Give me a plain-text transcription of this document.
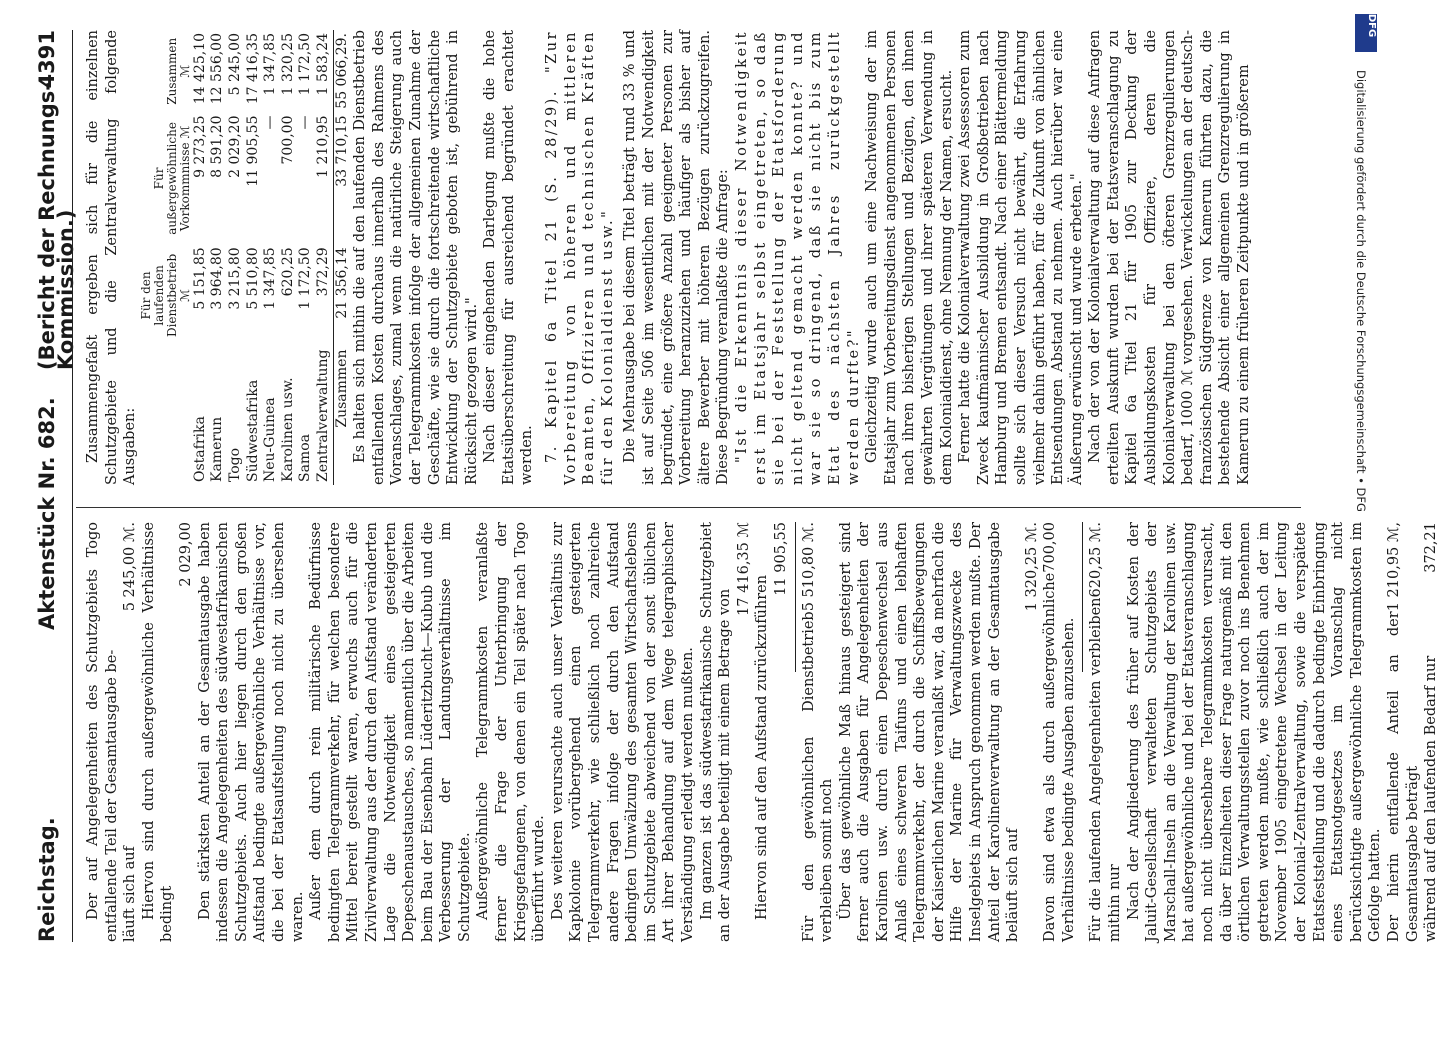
Reichstag.
Aktenstück Nr. 682.
(Bericht der Rechnungs-Kommission.)
4391

Der auf Angelegenheiten des Schutzgebiets Togo entfallende Teil der Gesamtausgabe be- läuft sich auf
5 245,00 ℳ. Hiervon sind durch außergewöhnliche Verhältnisse bedingt

2 029,00 Den stärksten Anteil an der Gesamtausgabe haben indessen die Angelegenheiten des südwestafrikanischen Schutzgebiets. Auch hier liegen durch den großen Aufstand bedingte außergewöhnliche Verhältnisse vor, die bei der Etatsaufstellung noch nicht zu übersehen waren. Außer dem durch rein militärische Bedürfnisse bedingten Telegrammverkehr, für welchen besondere Mittel bereit gestellt waren, erwuchs auch für die Zivilverwaltung aus der durch den Aufstand veränderten Lage die Notwendigkeit eines gesteigerten Depeschenaustausches, so namentlich über die Arbeiten beim Bau der Eisenbahn Lüderitzbucht—Kubub und die Verbesserung der Landungsverhältnisse im Schutzgebiete. Außergewöhnliche Telegrammkosten veranlaßte ferner die Frage der Unterbringung der Kriegsgefangenen, von denen ein Teil später nach Togo überführt wurde. Des weiteren verursachte auch unser Verhältnis zur Kapkolonie vorübergehend einen gesteigerten Telegrammverkehr, wie schließlich noch zahlreiche andere Fragen infolge der durch den Aufstand bedingten Umwälzung des gesamten Wirtschaftslebens im Schutzgebiete abweichend von der sonst üblichen Art ihrer Behandlung auf dem Wege telegraphischer Verständigung erledigt werden mußten. Im ganzen ist das südwestafrikanische Schutzgebiet an der Ausgabe beteiligt mit einem Betrage von

17 416,35 ℳ

Hiervon sind auf den Aufstand zurückzuführen

11 905,55
Für den gewöhnlichen Dienstbetrieb verbleiben somit noch
5 510,80 ℳ.	Über das gewöhnliche Maß hinaus gesteigert sind ferner auch die Ausgaben für Angelegenheiten der Karolinen usw. durch einen Depeschenwechsel aus Anlaß eines schweren Taifuns und einen lebhaften Telegrammverkehr, der durch die Schiffsbewegungen der Kaiserlichen Marine veranlaßt war, da mehrfach die Hilfe der Marine für Verwaltungszwecke des Inselgebiets in Anspruch genommen werden mußte. Der Anteil der Karolinenverwaltung an der Gesamtausgabe beläuft sich auf

1 320,25 ℳ.
Davon sind etwa als durch außergewöhnliche Verhältnisse bedingte Ausgaben anzusehen.
700,00
Für die laufenden Angelegenheiten verbleiben mithin nur
620,25 ℳ.	Nach der Angliederung des früher auf Kosten der Jaluit-Gesellschaft verwalteten Schutzgebiets der Marschall-Inseln an die Verwaltung der Karolinen usw. hat außergewöhnliche und bei der Etatsveranschlagung noch nicht übersehbare Telegrammkosten verursacht, da über Einzelheiten dieser Frage naturgemäß mit den örtlichen Verwaltungsstellen zuvor noch ins Benehmen getreten werden mußte, wie schließlich auch der im November 1905 eingetretene Wechsel in der Leitung der Kolonial-Zentralverwaltung, sowie die verspätete Etatsfeststellung und die dadurch bedingte Einbringung eines Etatsnotgesetzes im Voranschlag nicht berücksichtigte außergewöhnliche Telegrammkosten im Gefolge hatten. Der hierin entfallende Anteil an der Gesamtausgabe beträgt
1 210,95 ℳ,
während auf den laufenden Bedarf nur
372,21

Zusammengefaßt ergeben sich für die einzelnen Schutzgebiete und die Zentralverwaltung folgende Ausgaben:

	Für den laufenden Dienstbetrieb ℳ	Für außergewöhnliche Vorkommnisse ℳ	Zusammen ℳ
Ostafrika	5 151,85	9 273,25	14 425,10
Kamerun	3 964,80	8 591,20	12 556,00
Togo	3 215,80	2 029,20	5 245,00
Südwestafrika	5 510,80	11 905,55	17 416,35
Neu-Guinea	1 347,85	—	1 347,85
Karolinen usw.	620,25	700,00	1 320,25
Samoa	1 172,50	—	1 172,50
Zentralverwaltung	372,29	1 210,95	1 583,24
Zusammen	21 356,14	33 710,15	55 066,29. Es halten sich mithin die auf den laufenden Dienstbetrieb entfallenden Kosten durchaus innerhalb des Rahmens des Voranschlages, zumal wenn die natürliche Steigerung auch der Telegrammkosten infolge der allgemeinen Zunahme der Geschäfte, wie sie durch die fortschreitende wirtschaftliche Entwicklung der Schutzgebiete geboten ist, gebührend in Rücksicht gezogen wird." Nach dieser eingehenden Darlegung mußte die hohe Etatsüberschreitung für ausreichend begründet erachtet werden. 7. Kapitel 6a Titel 21 (S. 28/29). "Zur Vorbereitung von höheren und mittleren Beamten, Offizieren und technischen Kräften für den Kolonialdienst usw." Die Mehrausgabe bei diesem Titel beträgt rund 33 % und ist auf Seite 506 im wesentlichen mit der Notwendigkeit begründet, eine größere Anzahl geeigneter Personen zur Vorbereitung heranzuziehen und häufiger als bisher auf ältere Bewerber mit höheren Bezügen zurückzugreifen. Diese Begründung veranlaßte die Anfrage: "Ist die Erkenntnis dieser Notwendigkeit erst im Etatsjahr selbst eingetreten, so daß sie bei der Feststellung der Etatsforderung nicht geltend gemacht werden konnte? und war sie so dringend, daß sie nicht bis zum Etat des nächsten Jahres zurückgestellt werden durfte?" Gleichzeitig wurde auch um eine Nachweisung der im Etatsjahr zum Vorbereitungsdienst angenommenen Personen nach ihren bisherigen Stellungen und Bezügen, den ihnen gewährten Vergütungen und ihrer späteren Verwendung in dem Kolonialdienst, ohne Nennung der Namen, ersucht. Ferner hatte die Kolonialverwaltung zwei Assessoren zum Zweck kaufmännischer Ausbildung in Großbetrieben nach Hamburg und Bremen entsandt. Nach einer Blättermeldung sollte sich dieser Versuch nicht bewährt, die Erfahrung vielmehr dahin geführt haben, für die Zukunft von ähnlichen Entsendungen Abstand zu nehmen. Auch hierüber war eine Äußerung erwünscht und wurde erbeten." Nach der von der Kolonialverwaltung auf diese Anfragen erteilten Auskunft wurden bei der Etatsveranschlagung zu Kapitel 6a Titel 21 für 1905 zur Deckung der Ausbildungskosten für Offiziere, deren die Kolonialverwaltung bei den öfteren Grenzregulierungen bedarf, 1000 ℳ vorgesehen. Verwickelungen an der deutsch-französischen Südgrenze von Kamerun führten dazu, die bestehende Absicht einer allgemeinen Grenzregulierung in Kamerun zu einem früheren Zeitpunkte und in größerem

DFG
Digitalisierung gefördert durch die Deutsche Forschungsgemeinschaft • DFG
